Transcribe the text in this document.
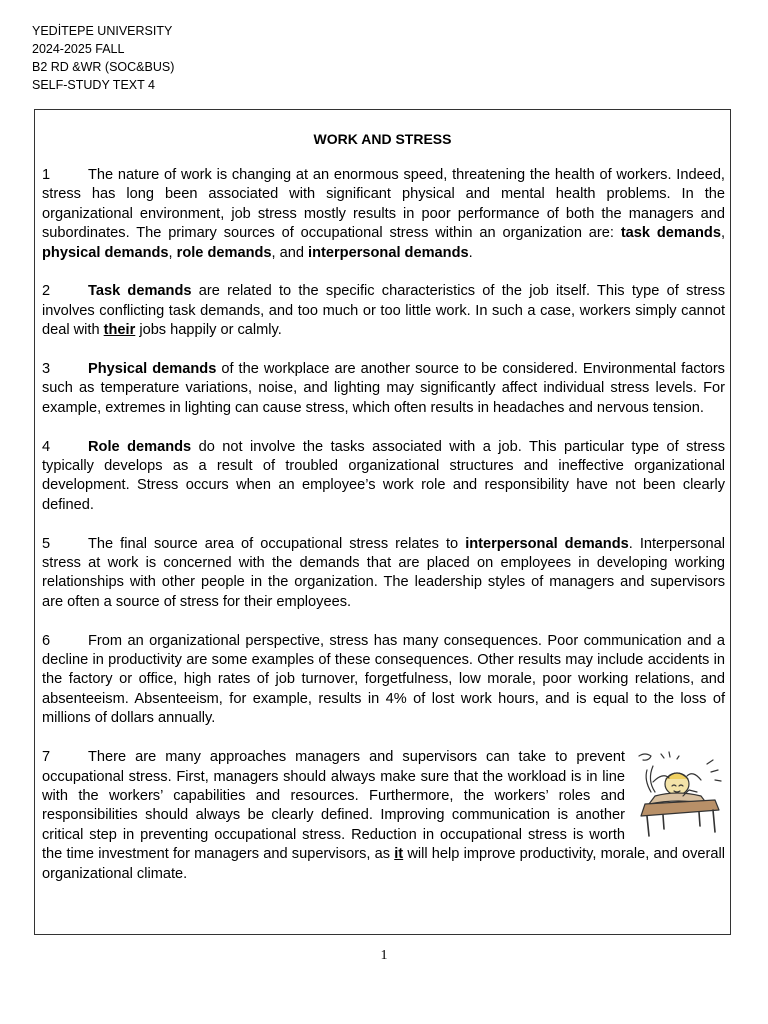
YEDİTEPE UNIVERSITY
2024-2025 FALL
B2 RD &WR (SOC&BUS)
SELF-STUDY TEXT 4
WORK AND STRESS

1	The nature of work is changing at an enormous speed, threatening the health of workers. Indeed, stress has long been associated with significant physical and mental health problems. In the organizational environment, job stress mostly results in poor performance of both the managers and subordinates. The primary sources of occupational stress within an organization are: task demands, physical demands, role demands, and interpersonal demands.

2	Task demands are related to the specific characteristics of the job itself. This type of stress involves conflicting task demands, and too much or too little work. In such a case, workers simply cannot deal with their jobs happily or calmly.

3	Physical demands of the workplace are another source to be considered. Environmental factors such as temperature variations, noise, and lighting may significantly affect individual stress levels. For example, extremes in lighting can cause stress, which often results in headaches and nervous tension.

4	Role demands do not involve the tasks associated with a job. This particular type of stress typically develops as a result of troubled organizational structures and ineffective organizational development. Stress occurs when an employee’s work role and responsibility have not been clearly defined.

5	The final source area of occupational stress relates to interpersonal demands. Interpersonal stress at work is concerned with the demands that are placed on employees in developing working relationships with other people in the organization. The leadership styles of managers and supervisors are often a source of stress for their employees.

6	From an organizational perspective, stress has many consequences. Poor communication and a decline in productivity are some examples of these consequences. Other results may include accidents in the factory or office, high rates of job turnover, forgetfulness, low morale, poor working relations, and absenteeism. Absenteeism, for example, results in 4% of lost work hours, and is equal to the loss of millions of dollars annually.

7	There are many approaches managers and supervisors can take to prevent occupational stress. First, managers should always make sure that the workload is in line with the workers’ capabilities and resources. Furthermore, the workers’ roles and responsibilities should always be clearly defined. Improving communication is another critical step in preventing occupational stress. Reduction in occupational stress is worth the time investment for managers and supervisors, as it will help improve productivity, morale, and overall organizational climate.

1
